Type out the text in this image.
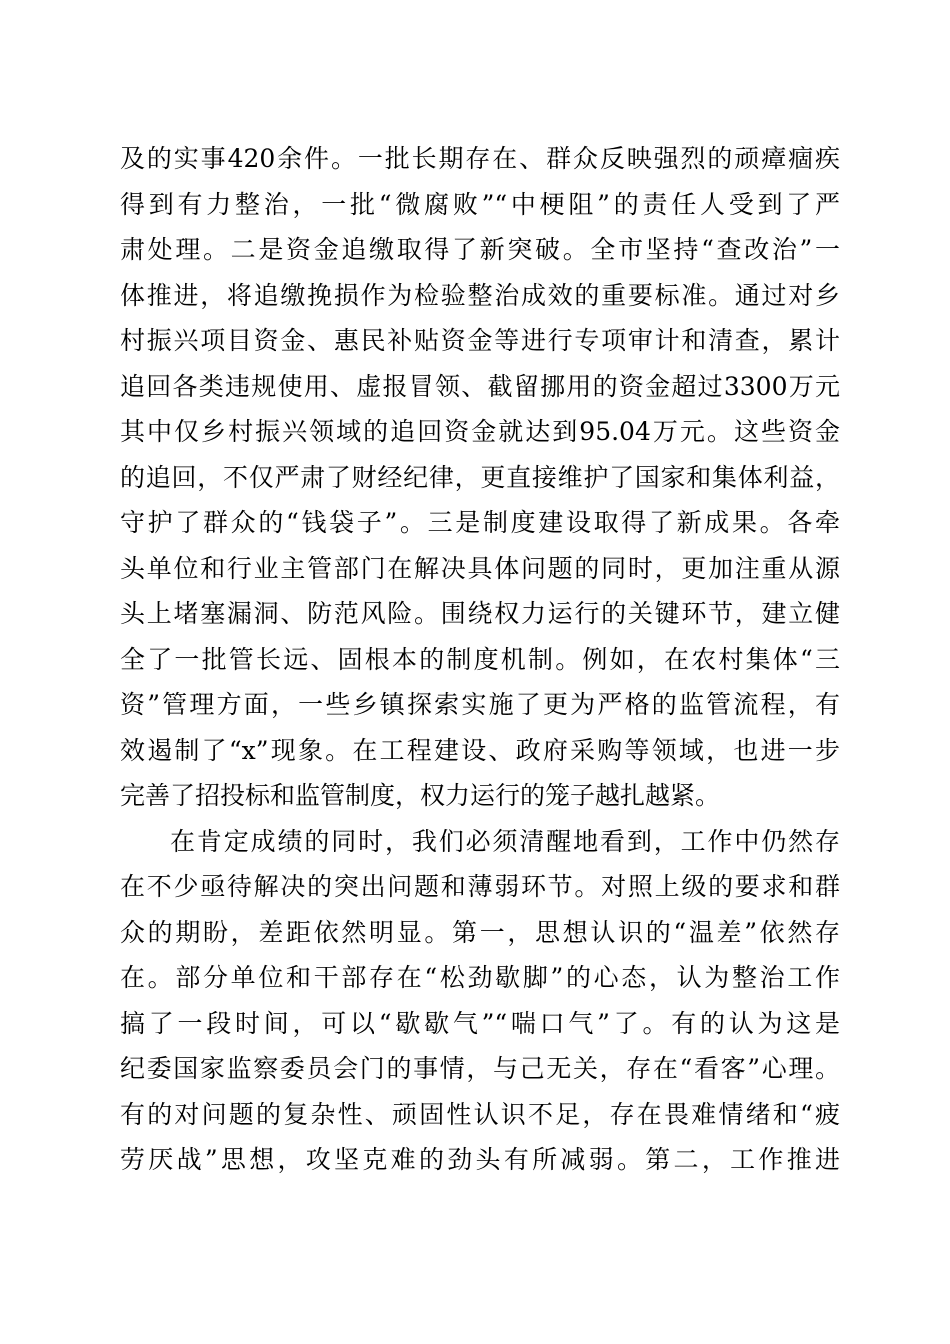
及的实事420余件。一批长期存在、群众反映强烈的顽瘴痼疾
得到有力整治，一批“微腐败”“中梗阻”的责任人受到了严
肃处理。二是资金追缴取得了新突破。全市坚持“查改治”一
体推进，将追缴挽损作为检验整治成效的重要标准。通过对乡
村振兴项目资金、惠民补贴资金等进行专项审计和清查，累计
追回各类违规使用、虚报冒领、截留挪用的资金超过3300万元
其中仅乡村振兴领域的追回资金就达到95.04万元。这些资金
的追回，不仅严肃了财经纪律，更直接维护了国家和集体利益，
守护了群众的“钱袋子”。三是制度建设取得了新成果。各牵
头单位和行业主管部门在解决具体问题的同时，更加注重从源
头上堵塞漏洞、防范风险。围绕权力运行的关键环节，建立健
全了一批管长远、固根本的制度机制。例如，在农村集体“三
资”管理方面，一些乡镇探索实施了更为严格的监管流程，有
效遏制了“x”现象。在工程建设、政府采购等领域，也进一步
完善了招投标和监管制度，权力运行的笼子越扎越紧。
在肯定成绩的同时，我们必须清醒地看到，工作中仍然存
在不少亟待解决的突出问题和薄弱环节。对照上级的要求和群
众的期盼，差距依然明显。第一，思想认识的“温差”依然存
在。部分单位和干部存在“松劲歇脚”的心态，认为整治工作
搞了一段时间，可以“歇歇气”“喘口气”了。有的认为这是
纪委国家监察委员会门的事情，与己无关，存在“看客”心理。
有的对问题的复杂性、顽固性认识不足，存在畏难情绪和“疲
劳厌战”思想，攻坚克难的劲头有所减弱。第二，工作推进
